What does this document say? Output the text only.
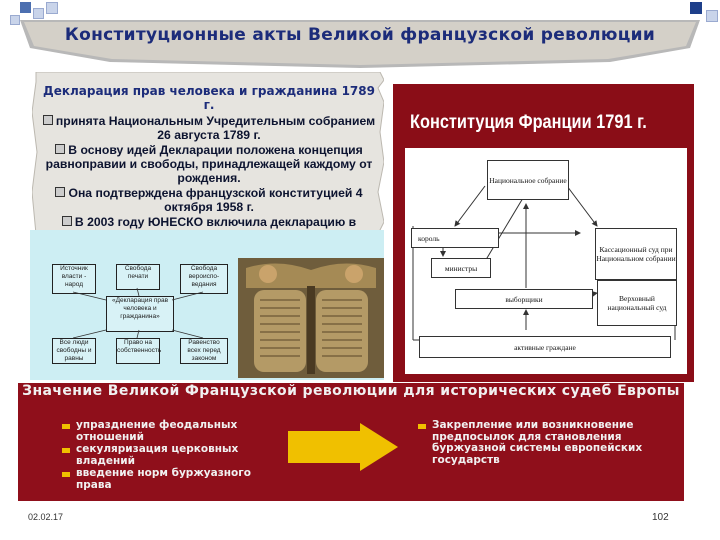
Конституционные акты Великой французской революции
Декларация прав человека и гражданина 1789 г.
принята Национальным Учредительным собранием 26 августа 1789 г.
В основу идей Декларации положена концепция равноправии и свободы, принадлежащей каждому от рождения.
Она подтверждена французской конституцией 4 октября 1958 г.
В 2003 году ЮНЕСКО включила декларацию в
Источник власти - народ
Свобода печати
Свобода вероиспо-ведания
«Декларация прав человека и гражданина»
Все люди свободны и равны
Право на собственность
Равенство всех перед законом
Конституция Франции 1791 г.
Национальное собрание
король
министры
Кассационный суд при Национальном собрании
Верховный национальный суд
выборщики
активные граждане
Значение Великой Французской революции для исторических судеб Европы
упразднение феодальных отношений
секуляризация церковных владений
введение норм буржуазного права
Закрепление или возникновение предпосылок для становления буржуазной системы европейских государств
02.02.17	102
